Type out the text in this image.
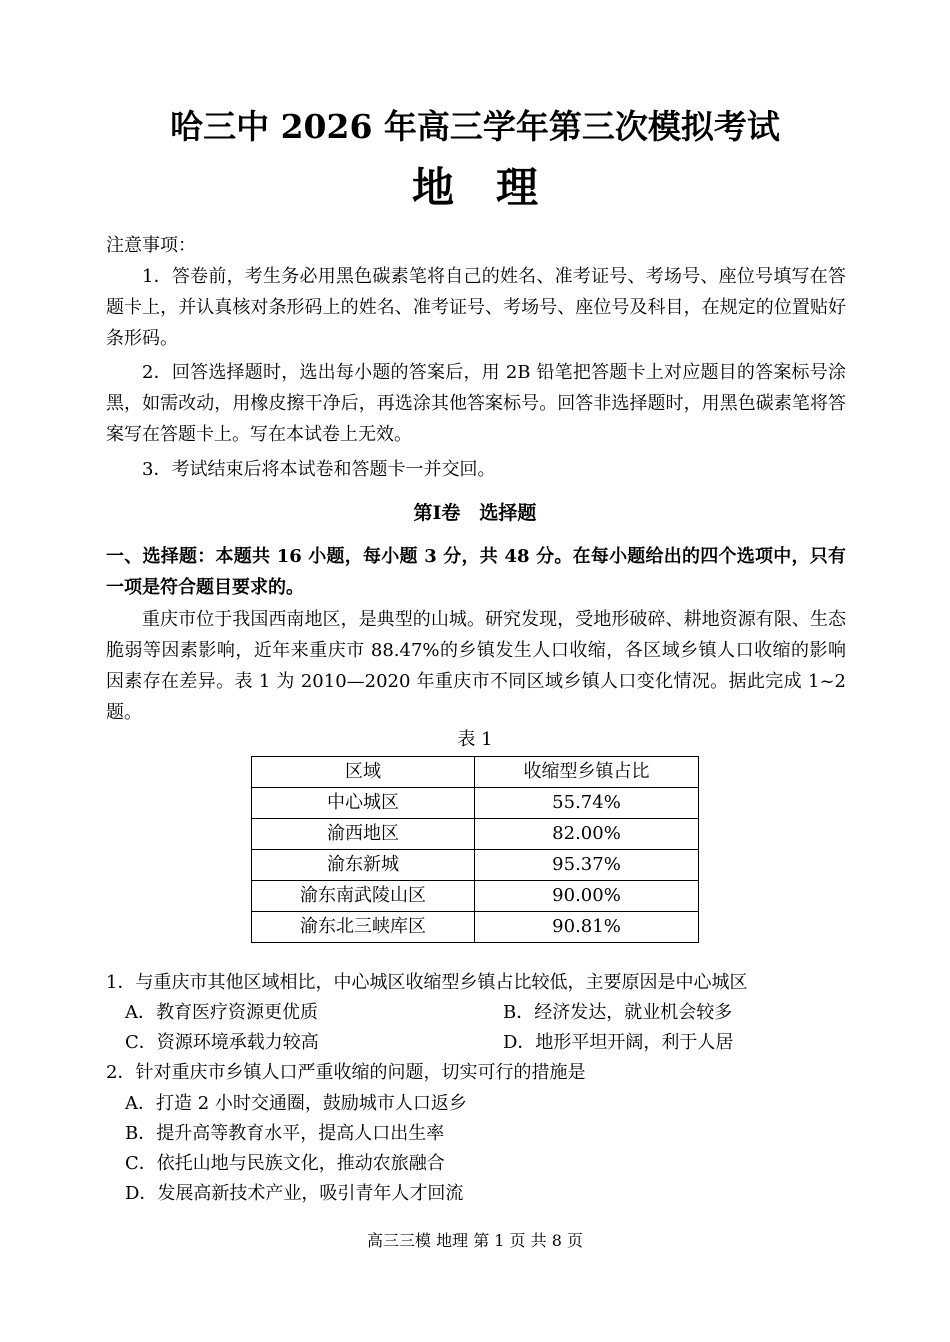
哈三中 2026 年高三学年第三次模拟考试
地理
注意事项：
1．答卷前，考生务必用黑色碳素笔将自己的姓名、准考证号、考场号、座位号填写在答题卡上，并认真核对条形码上的姓名、准考证号、考场号、座位号及科目，在规定的位置贴好条形码。
2．回答选择题时，选出每小题的答案后，用 2B 铅笔把答题卡上对应题目的答案标号涂黑，如需改动，用橡皮擦干净后，再选涂其他答案标号。回答非选择题时，用黑色碳素笔将答案写在答题卡上。写在本试卷上无效。
3．考试结束后将本试卷和答题卡一并交回。
第Ⅰ卷　选择题
一、选择题：本题共 16 小题，每小题 3 分，共 48 分。在每小题给出的四个选项中，只有一项是符合题目要求的。
重庆市位于我国西南地区，是典型的山城。研究发现，受地形破碎、耕地资源有限、生态脆弱等因素影响，近年来重庆市 88.47%的乡镇发生人口收缩，各区域乡镇人口收缩的影响因素存在差异。表 1 为 2010—2020 年重庆市不同区域乡镇人口变化情况。据此完成 1~2 题。
表 1
区域	收缩型乡镇占比
中心城区	55.74%
渝西地区	82.00%
渝东新城	95.37%
渝东南武陵山区	90.00%
渝东北三峡库区	90.81%
1．与重庆市其他区域相比，中心城区收缩型乡镇占比较低，主要原因是中心城区
A．教育医疗资源更优质	B．经济发达，就业机会较多
C．资源环境承载力较高	D．地形平坦开阔，利于人居
2．针对重庆市乡镇人口严重收缩的问题，切实可行的措施是
A．打造 2 小时交通圈，鼓励城市人口返乡
B．提升高等教育水平，提高人口出生率
C．依托山地与民族文化，推动农旅融合
D．发展高新技术产业，吸引青年人才回流
高三三模 地理 第 1 页 共 8 页
